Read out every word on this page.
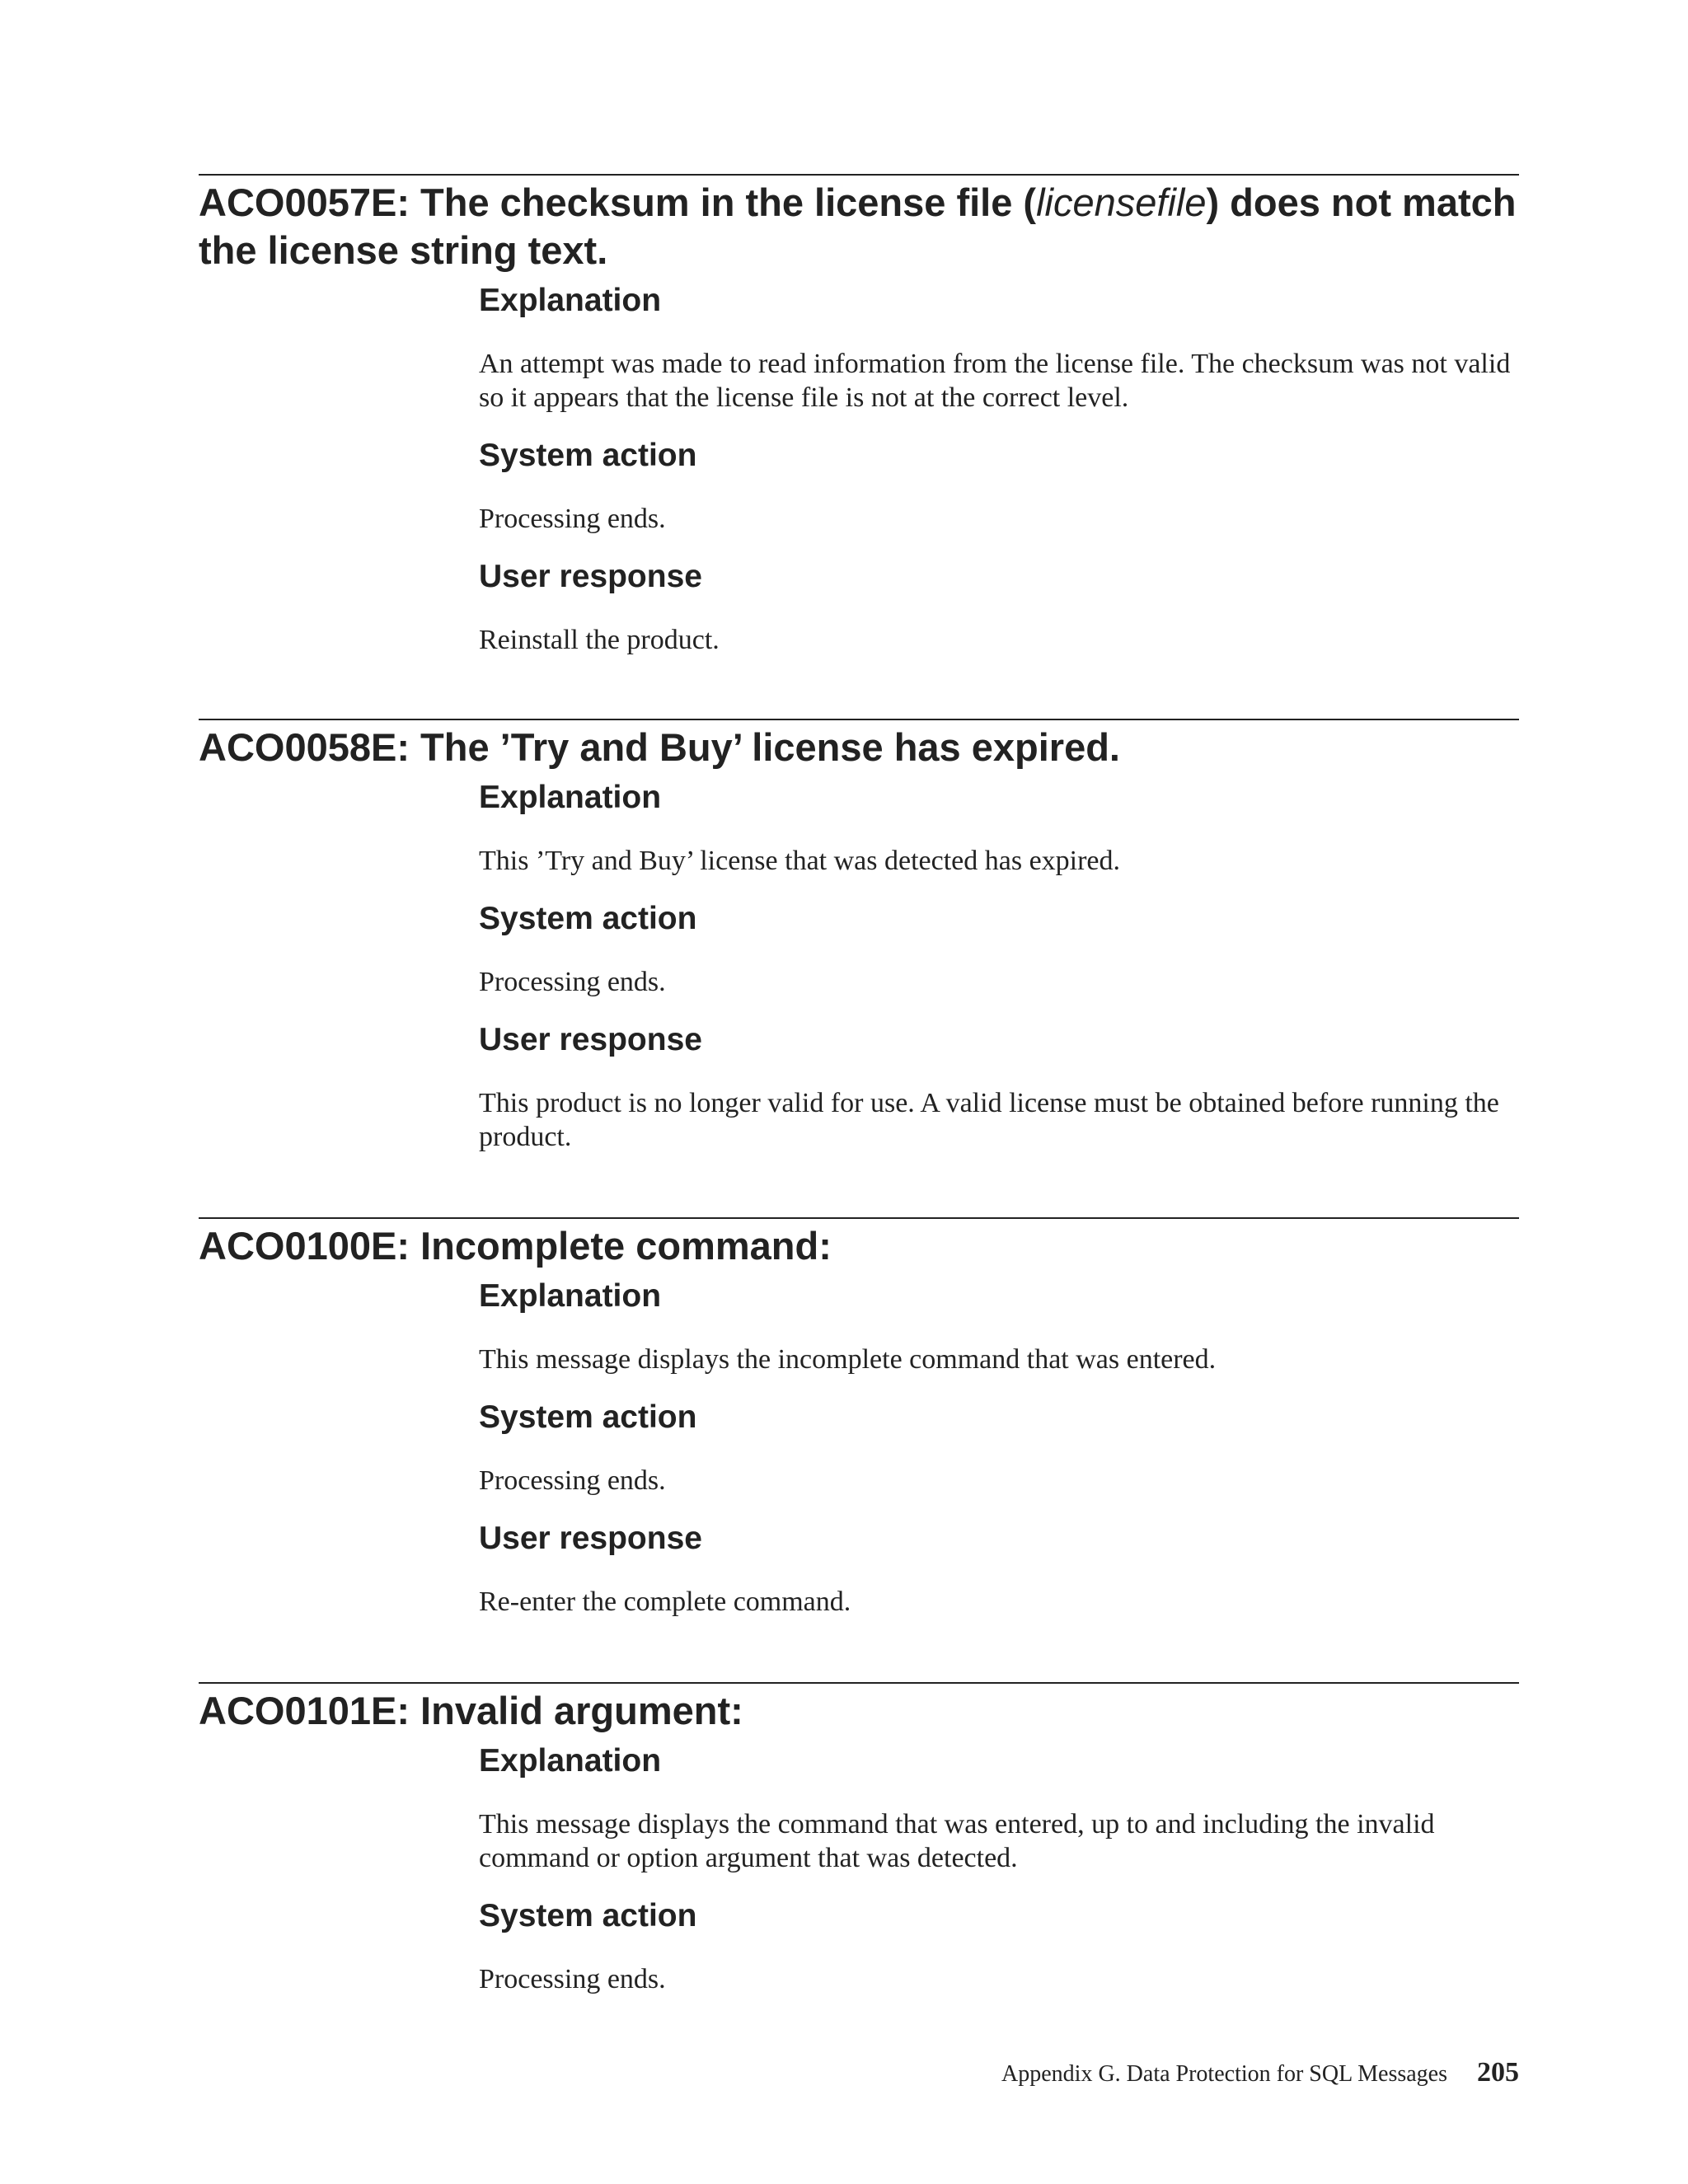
ACO0057E: The checksum in the license file (licensefile) does not match the license string text.
Explanation

An attempt was made to read information from the license file. The checksum was not valid so it appears that the license file is not at the correct level.

System action

Processing ends.

User response

Reinstall the product.

ACO0058E: The ’Try and Buy’ license has expired.
Explanation

This ’Try and Buy’ license that was detected has expired.

System action

Processing ends.

User response

This product is no longer valid for use. A valid license must be obtained before running the product.

ACO0100E: Incomplete command:
Explanation

This message displays the incomplete command that was entered.

System action

Processing ends.

User response

Re-enter the complete command.

ACO0101E: Invalid argument:
Explanation

This message displays the command that was entered, up to and including the invalid command or option argument that was detected.

System action

Processing ends.

Appendix G. Data Protection for SQL Messages 205
